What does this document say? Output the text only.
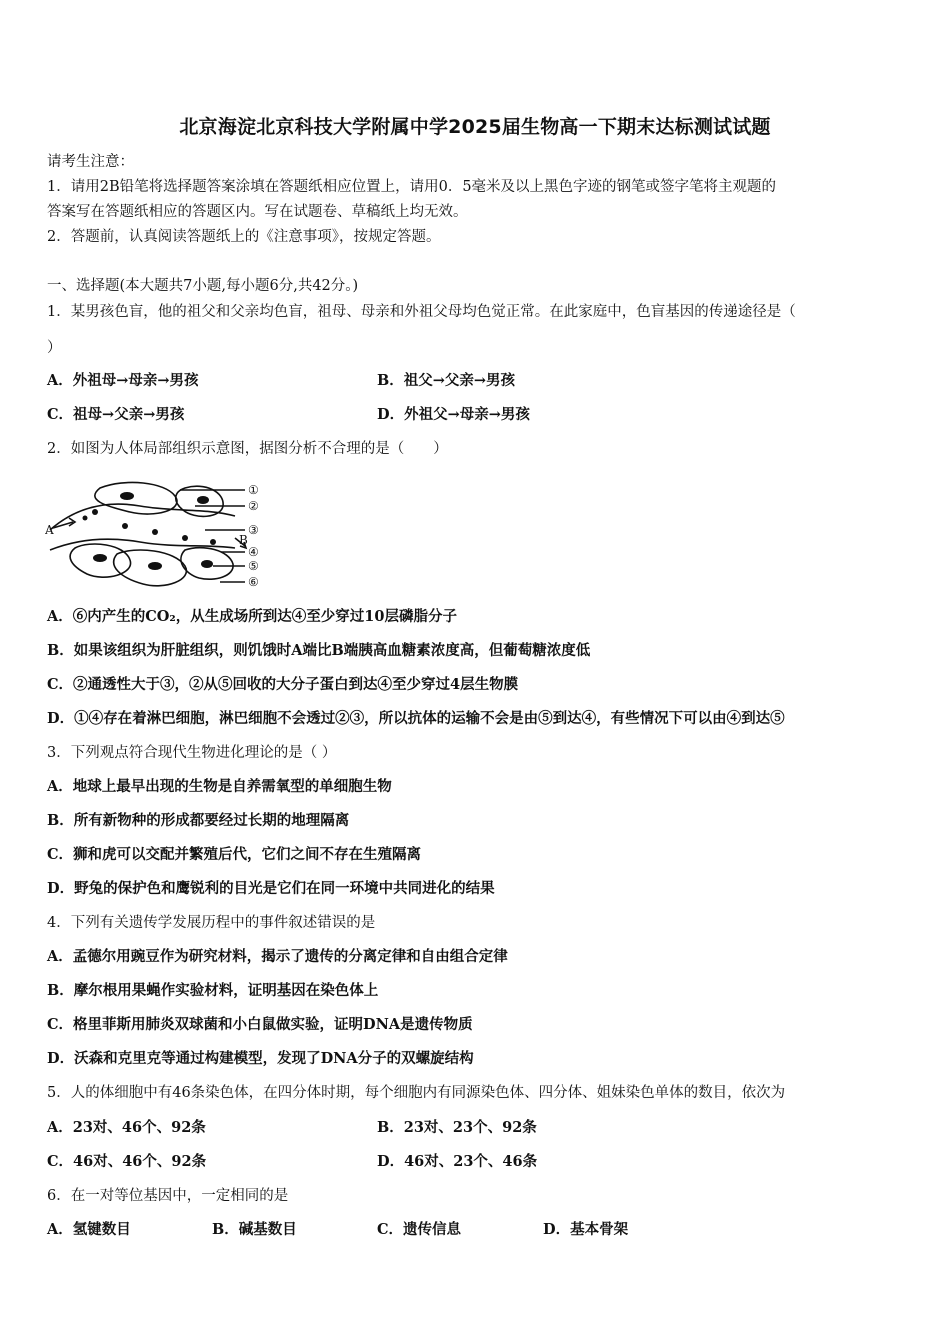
北京海淀北京科技大学附属中学2025届生物高一下期末达标测试试题
请考生注意：
1．请用2B铅笔将选择题答案涂填在答题纸相应位置上，请用0．5毫米及以上黑色字迹的钢笔或签字笔将主观题的
答案写在答题纸相应的答题区内。写在试题卷、草稿纸上均无效。
2．答题前，认真阅读答题纸上的《注意事项》，按规定答题。
一、选择题(本大题共7小题,每小题6分,共42分。)
1．某男孩色盲，他的祖父和父亲均色盲，祖母、母亲和外祖父母均色觉正常。在此家庭中，色盲基因的传递途径是（
）
A．外祖母→母亲→男孩	B．祖父→父亲→男孩
C．祖母→父亲→男孩	D．外祖父→母亲→男孩
2．如图为人体局部组织示意图，据图分析不合理的是（　　）
①
②
③
④
⑤
⑥
A
B
A．⑥内产生的CO₂，从生成场所到达④至少穿过10层磷脂分子
B．如果该组织为肝脏组织，则饥饿时A端比B端胰高血糖素浓度高，但葡萄糖浓度低
C．②通透性大于③，②从⑤回收的大分子蛋白到达④至少穿过4层生物膜
D．①④存在着淋巴细胞，淋巴细胞不会透过②③，所以抗体的运输不会是由⑤到达④，有些情况下可以由④到达⑤
3．下列观点符合现代生物进化理论的是（ ）
A．地球上最早出现的生物是自养需氧型的单细胞生物
B．所有新物种的形成都要经过长期的地理隔离
C．狮和虎可以交配并繁殖后代，它们之间不存在生殖隔离
D．野兔的保护色和鹰锐利的目光是它们在同一环境中共同进化的结果
4．下列有关遗传学发展历程中的事件叙述错误的是
A．孟德尔用豌豆作为研究材料，揭示了遗传的分离定律和自由组合定律
B．摩尔根用果蝇作实验材料，证明基因在染色体上
C．格里菲斯用肺炎双球菌和小白鼠做实验，证明DNA是遗传物质
D．沃森和克里克等通过构建模型，发现了DNA分子的双螺旋结构
5．人的体细胞中有46条染色体，在四分体时期，每个细胞内有同源染色体、四分体、姐妹染色单体的数目，依次为
A．23对、46个、92条	B．23对、23个、92条
C．46对、46个、92条	D．46对、23个、46条
6．在一对等位基因中，一定相同的是
A．氢键数目	B．碱基数目	C．遗传信息	D．基本骨架
